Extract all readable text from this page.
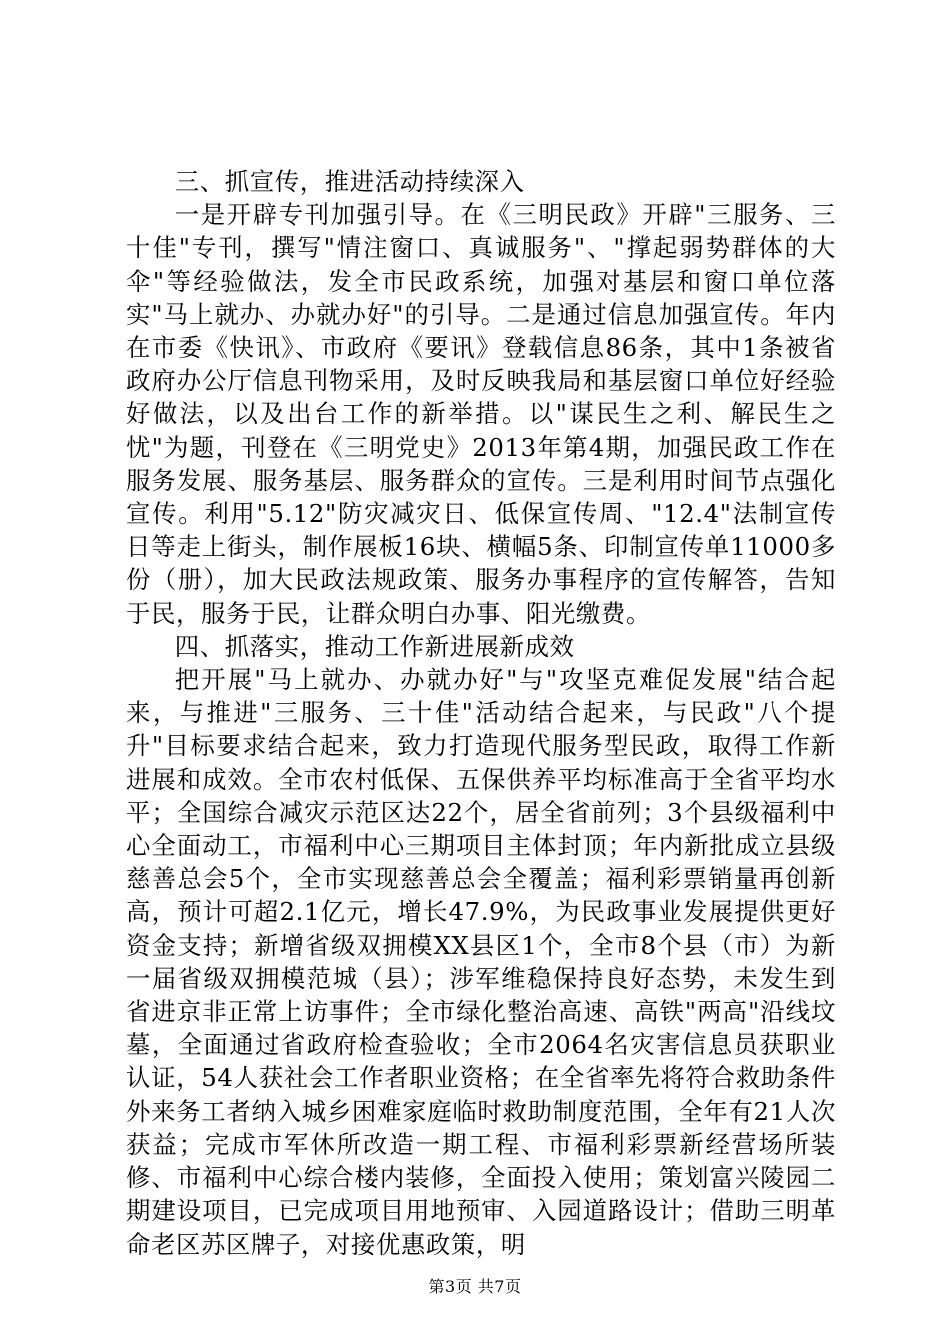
三、抓宣传，推进活动持续深入

一是开辟专刊加强引导。在《三明民政》开辟"三服务、三十佳"专刊，撰写"情注窗口、真诚服务"、"撑起弱势群体的大伞"等经验做法，发全市民政系统，加强对基层和窗口单位落实"马上就办、办就办好"的引导。二是通过信息加强宣传。年内在市委《快讯》、市政府《要讯》登载信息86条，其中1条被省政府办公厅信息刊物采用，及时反映我局和基层窗口单位好经验好做法，以及出台工作的新举措。以"谋民生之利、解民生之忧"为题，刊登在《三明党史》2013年第4期，加强民政工作在服务发展、服务基层、服务群众的宣传。三是利用时间节点强化宣传。利用"5.12"防灾减灾日、低保宣传周、"12.4"法制宣传日等走上街头，制作展板16块、横幅5条、印制宣传单11000多份（册），加大民政法规政策、服务办事程序的宣传解答，告知于民，服务于民，让群众明白办事、阳光缴费。

四、抓落实，推动工作新进展新成效

把开展"马上就办、办就办好"与"攻坚克难促发展"结合起来，与推进"三服务、三十佳"活动结合起来，与民政"八个提升"目标要求结合起来，致力打造现代服务型民政，取得工作新进展和成效。全市农村低保、五保供养平均标准高于全省平均水平；全国综合减灾示范区达22个，居全省前列；3个县级福利中心全面动工，市福利中心三期项目主体封顶；年内新批成立县级慈善总会5个，全市实现慈善总会全覆盖；福利彩票销量再创新高，预计可超2.1亿元，增长47.9%，为民政事业发展提供更好资金支持；新增省级双拥模XX县区1个，全市8个县（市）为新一届省级双拥模范城（县）；涉军维稳保持良好态势，未发生到省进京非正常上访事件；全市绿化整治高速、高铁"两高"沿线坟墓，全面通过省政府检查验收；全市2064名灾害信息员获职业认证，54人获社会工作者职业资格；在全省率先将符合救助条件外来务工者纳入城乡困难家庭临时救助制度范围，全年有21人次获益；完成市军休所改造一期工程、市福利彩票新经营场所装修、市福利中心综合楼内装修，全面投入使用；策划富兴陵园二期建设项目，已完成项目用地预审、入园道路设计；借助三明革命老区苏区牌子，对接优惠政策，明

第3页 共7页
